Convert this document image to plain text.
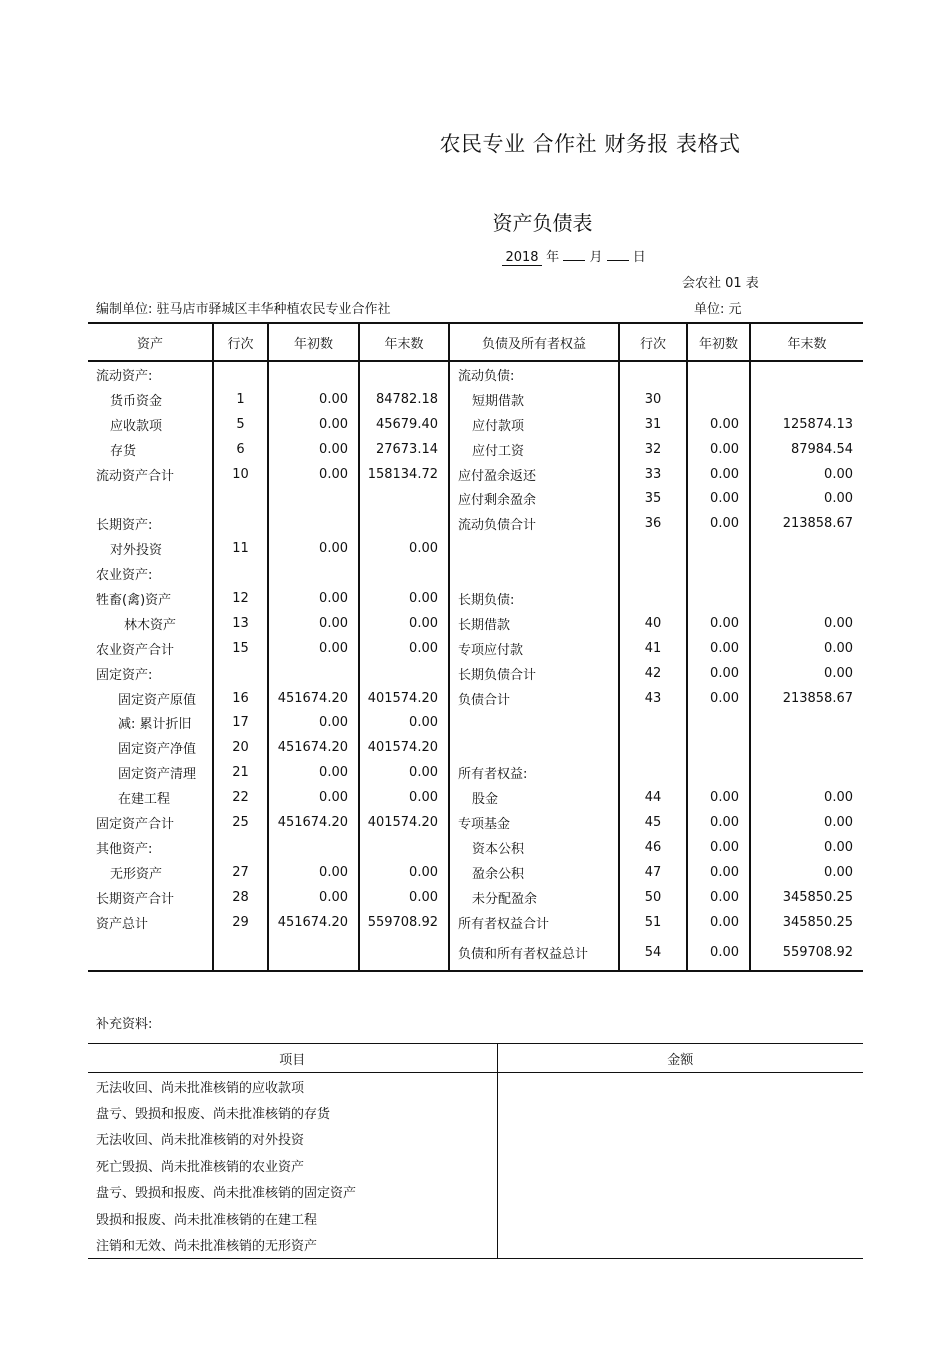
农民专业 合作社 财务报 表格式
资产负债表
2018 年 月 日
会农社 01 表
编制单位: 驻马店市驿城区丰华种植农民专业合作社	单位: 元
资产	行次	年初数	年末数	负债及所有者权益	行次	年初数	年末数
流动资产:				流动负债:			
货币资金	1	0.00	84782.18	短期借款	30		
应收款项	5	0.00	45679.40	应付款项	31	0.00	125874.13
存货	6	0.00	27673.14	应付工资	32	0.00	87984.54
流动资产合计	10	0.00	158134.72	应付盈余返还	33	0.00	0.00
				应付剩余盈余	35	0.00	0.00
长期资产:				流动负债合计	36	0.00	213858.67
对外投资	11	0.00	0.00				
农业资产:							
牲畜(禽)资产	12	0.00	0.00	长期负债:			
林木资产	13	0.00	0.00	长期借款	40	0.00	0.00
农业资产合计	15	0.00	0.00	专项应付款	41	0.00	0.00
固定资产:				长期负债合计	42	0.00	0.00
固定资产原值	16	451674.20	401574.20	负债合计	43	0.00	213858.67
减: 累计折旧	17	0.00	0.00				
固定资产净值	20	451674.20	401574.20				
固定资产清理	21	0.00	0.00	所有者权益:			
在建工程	22	0.00	0.00	股金	44	0.00	0.00
固定资产合计	25	451674.20	401574.20	专项基金	45	0.00	0.00
其他资产:				资本公积	46	0.00	0.00
无形资产	27	0.00	0.00	盈余公积	47	0.00	0.00
长期资产合计	28	0.00	0.00	未分配盈余	50	0.00	345850.25
资产总计	29	451674.20	559708.92	所有者权益合计	51	0.00	345850.25
				负债和所有者权益总计	54	0.00	559708.92
补充资料:
项目	金额
无法收回、尚未批准核销的应收款项	
盘亏、毁损和报废、尚未批准核销的存货	
无法收回、尚未批准核销的对外投资	
死亡毁损、尚未批准核销的农业资产	
盘亏、毁损和报废、尚未批准核销的固定资产	
毁损和报废、尚未批准核销的在建工程	
注销和无效、尚未批准核销的无形资产	
